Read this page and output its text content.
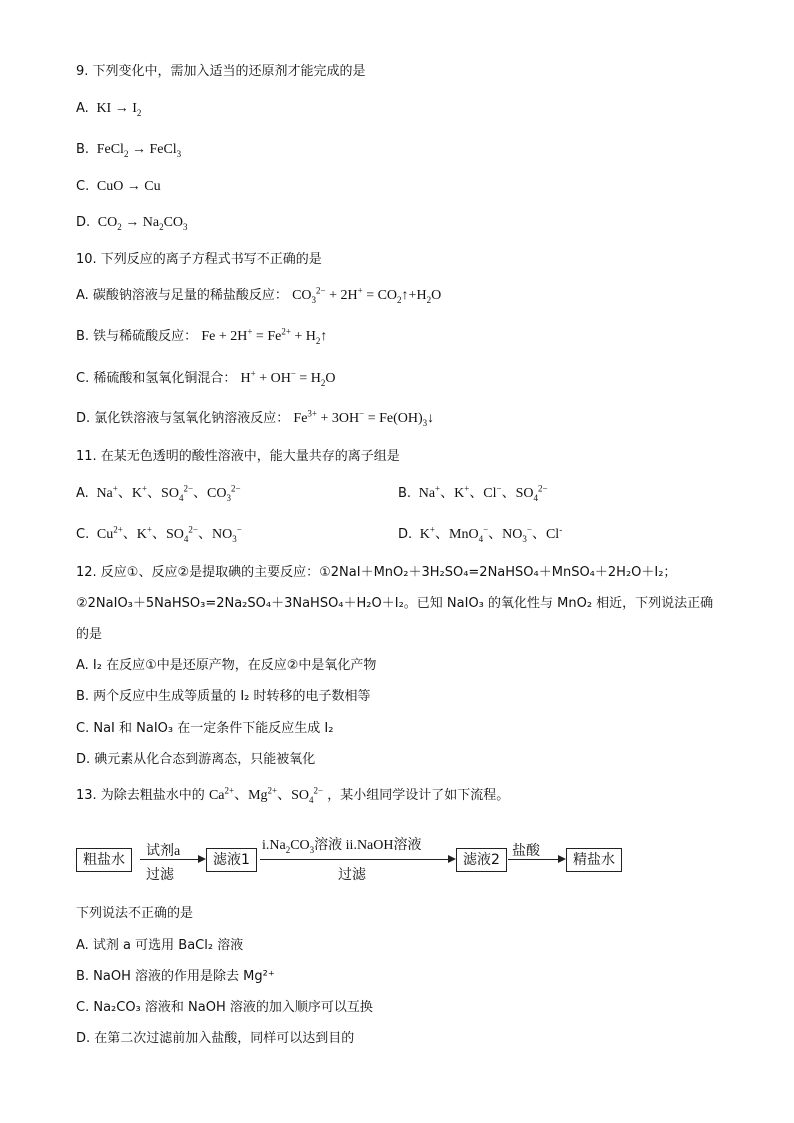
9. 下列变化中，需加入适当的还原剂才能完成的是
A.  KI → $I_2$
B.  FeCl$_2$ → FeCl$_3$
C.  CuO → Cu
D.  $CO_2 \to Na_2CO_3$
10. 下列反应的离子方程式书写不正确的是
A. 碳酸钠溶液与足量的稀盐酸反应： $CO_3^{2-} + 2H^+$ = $CO_2↑+H_2O$
B. 铁与稀硫酸反应： $Fe + 2H^+ = Fe^{2+}$ + $H_2↑$
C. 稀硫酸和氢氧化铜混合： $H^+ + OH^- = H_2O$
D. 氯化铁溶液与氢氧化钠溶液反应： $Fe^{3+} + 3OH^-$ = $Fe(OH)_3↓$
11. 在某无色透明的酸性溶液中，能大量共存的离子组是
A.  Na+、K+、$SO_4^{2-}$、$CO_3^{2-}$	B.  Na+、K+、Cl−、$SO_4^{2-}$
C.  $Cu^{2+}$、K+、$SO_4^{2-}$、$NO_3^-$	D.  K+、MnO$_4$−、$NO_3^-$、Cl-
12. 反应①、反应②是提取碘的主要反应：①2NaI＋MnO₂＋3H₂SO₄=2NaHSO₄＋MnSO₄＋2H₂O＋I₂；
②2NaIO₃＋5NaHSO₃=2Na₂SO₄＋3NaHSO₄＋H₂O＋I₂。已知 NaIO₃ 的氧化性与 MnO₂ 相近，下列说法正确
的是
A. I₂ 在反应①中是还原产物，在反应②中是氧化产物
B. 两个反应中生成等质量的 I₂ 时转移的电子数相等
C. NaI 和 NaIO₃ 在一定条件下能反应生成 I₂
D. 碘元素从化合态到游离态，只能被氧化
13. 为除去粗盐水中的 $Ca^{2+}$、$Mg^{2+}$、$SO_4^{2-}$ ，某小组同学设计了如下流程。
粗盐水
试剂a
过滤
滤液1
$i.Na_2CO_3$溶液 ii.NaOH溶液
过滤
滤液2
盐酸
精盐水
下列说法不正确的是
A. 试剂 a 可选用 BaCl₂ 溶液
B. NaOH 溶液的作用是除去 Mg²⁺
C. Na₂CO₃ 溶液和 NaOH 溶液的加入顺序可以互换
D. 在第二次过滤前加入盐酸，同样可以达到目的
